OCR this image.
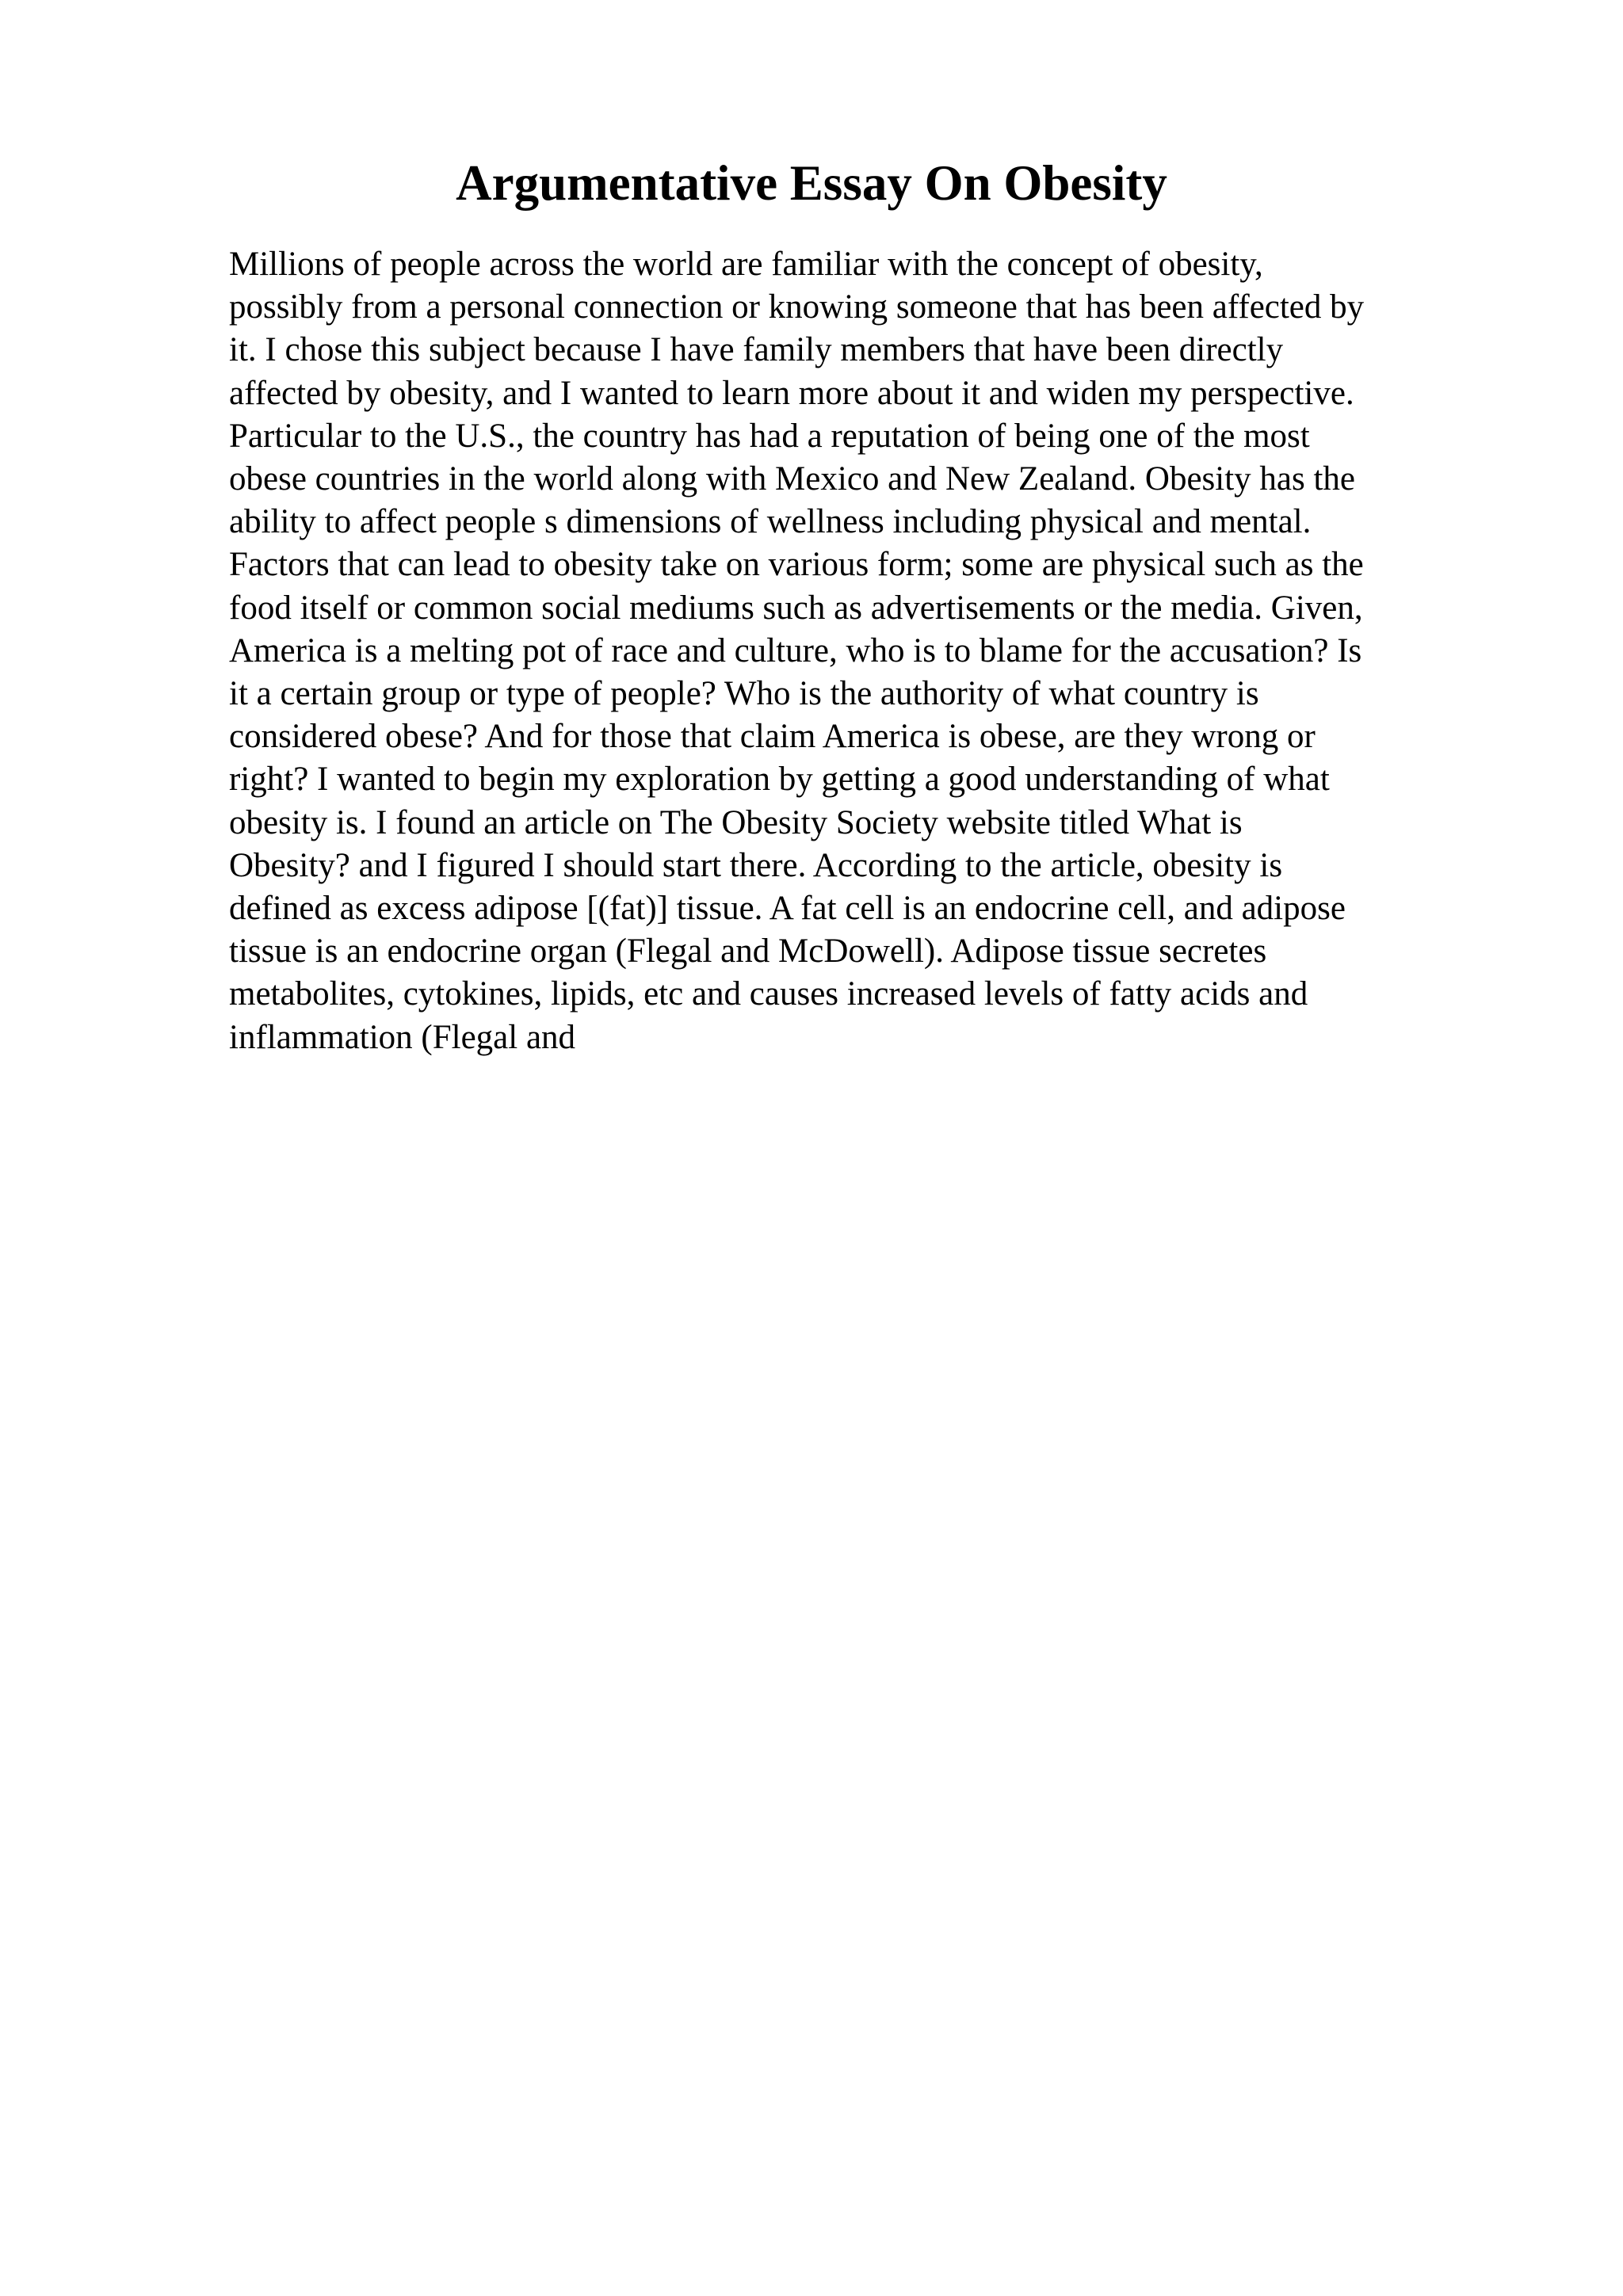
Argumentative Essay On Obesity
Millions of people across the world are familiar with the concept of obesity,
possibly from a personal connection or knowing someone that has been affected by
it. I chose this subject because I have family members that have been directly
affected by obesity, and I wanted to learn more about it and widen my perspective.
Particular to the U.S., the country has had a reputation of being one of the most
obese countries in the world along with Mexico and New Zealand. Obesity has the
ability to affect people s dimensions of wellness including physical and mental.
Factors that can lead to obesity take on various form; some are physical such as the
food itself or common social mediums such as advertisements or the media. Given,
America is a melting pot of race and culture, who is to blame for the accusation? Is
it a certain group or type of people? Who is the authority of what country is
considered obese? And for those that claim America is obese, are they wrong or
right? I wanted to begin my exploration by getting a good understanding of what
obesity is. I found an article on The Obesity Society website titled What is
Obesity? and I figured I should start there. According to the article, obesity is
defined as excess adipose [(fat)] tissue. A fat cell is an endocrine cell, and adipose
tissue is an endocrine organ (Flegal and McDowell). Adipose tissue secretes
metabolites, cytokines, lipids, etc and causes increased levels of fatty acids and
inflammation (Flegal and
